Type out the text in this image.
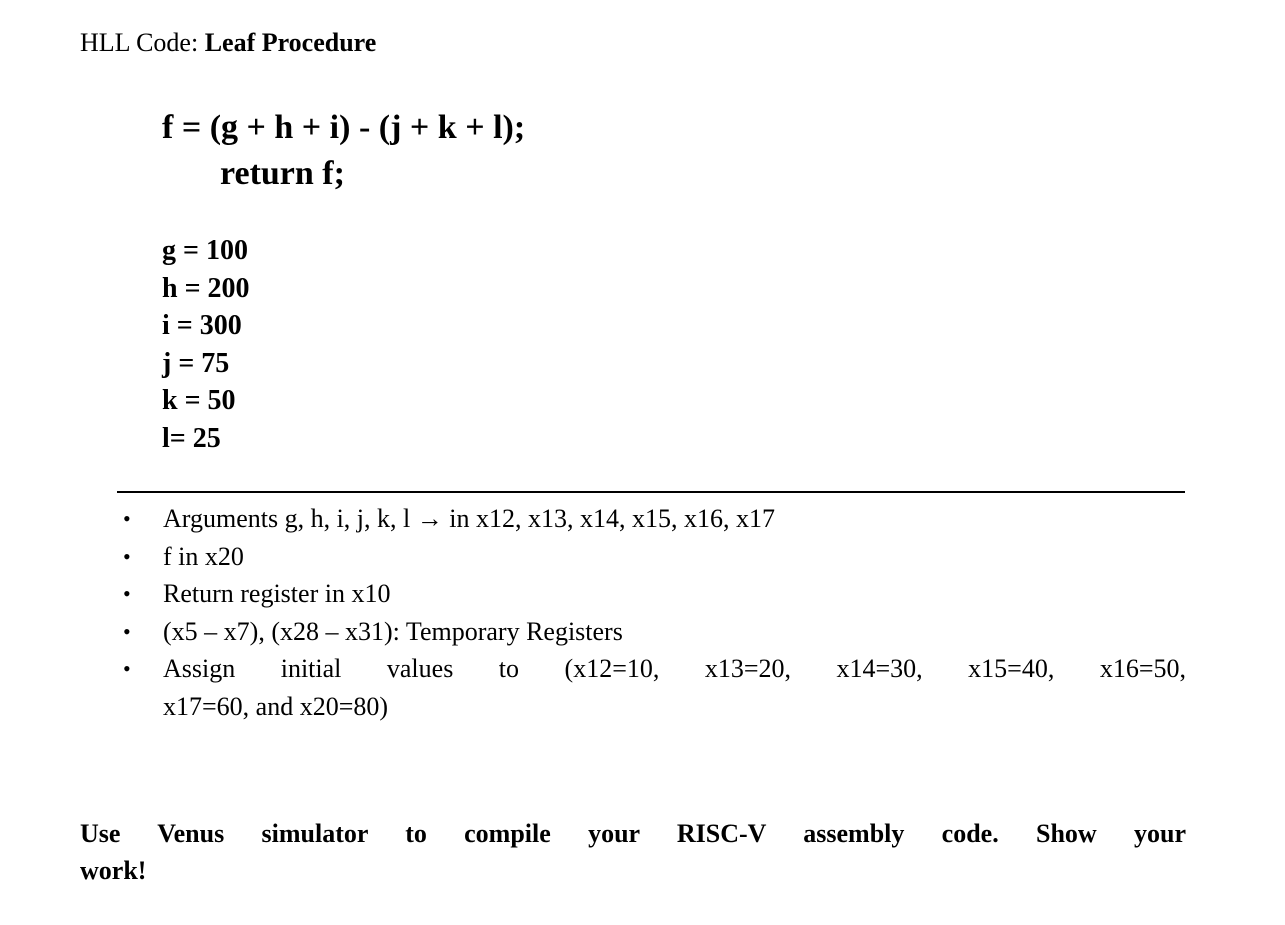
HLL Code: Leaf Procedure
f = (g + h + i) - (j + k + l);
return f;
g = 100
h = 200
i = 300
j = 75
k = 50
l= 25
• Arguments g, h, i, j, k, l → in x12, x13, x14, x15, x16, x17
• f in x20
• Return register in x10
• (x5 – x7), (x28 – x31): Temporary Registers
• Assign initial values to (x12=10, x13=20, x14=30, x15=40, x16=50,
x17=60, and x20=80)
Use Venus simulator to compile your RISC-V assembly code. Show your
work!
